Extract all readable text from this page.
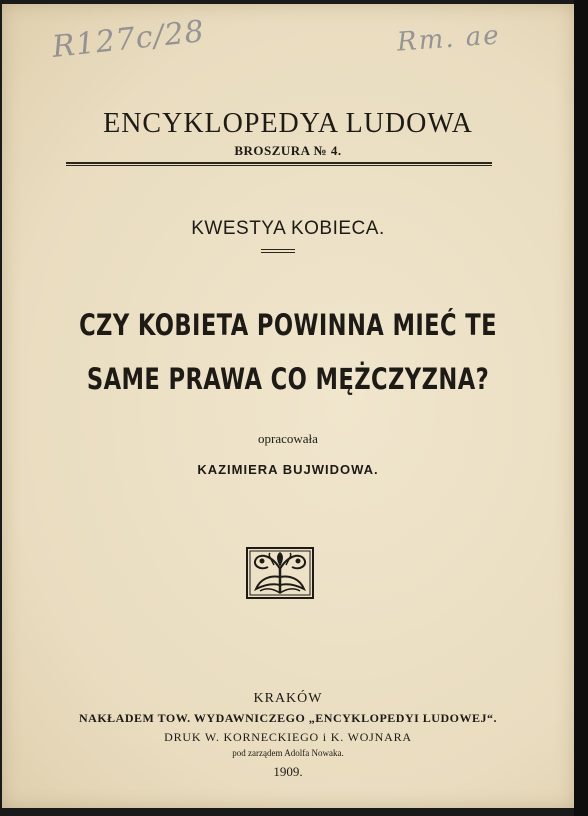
R127c/28	Rm. ae
ENCYKLOPEDYA LUDOWA
BROSZURA № 4.
KWESTYA KOBIECA.
CZY KOBIETA POWINNA MIEĆ TE
SAME PRAWA CO MĘŻCZYZNA?
opracowała
KAZIMIERA BUJWIDOWA.
KRAKÓW
NAKŁADEM TOW. WYDAWNICZEGO „ENCYKLOPEDYI LUDOWEJ“.
DRUK W. KORNECKIEGO i K. WOJNARA
pod zarządem Adolfa Nowaka.
1909.
